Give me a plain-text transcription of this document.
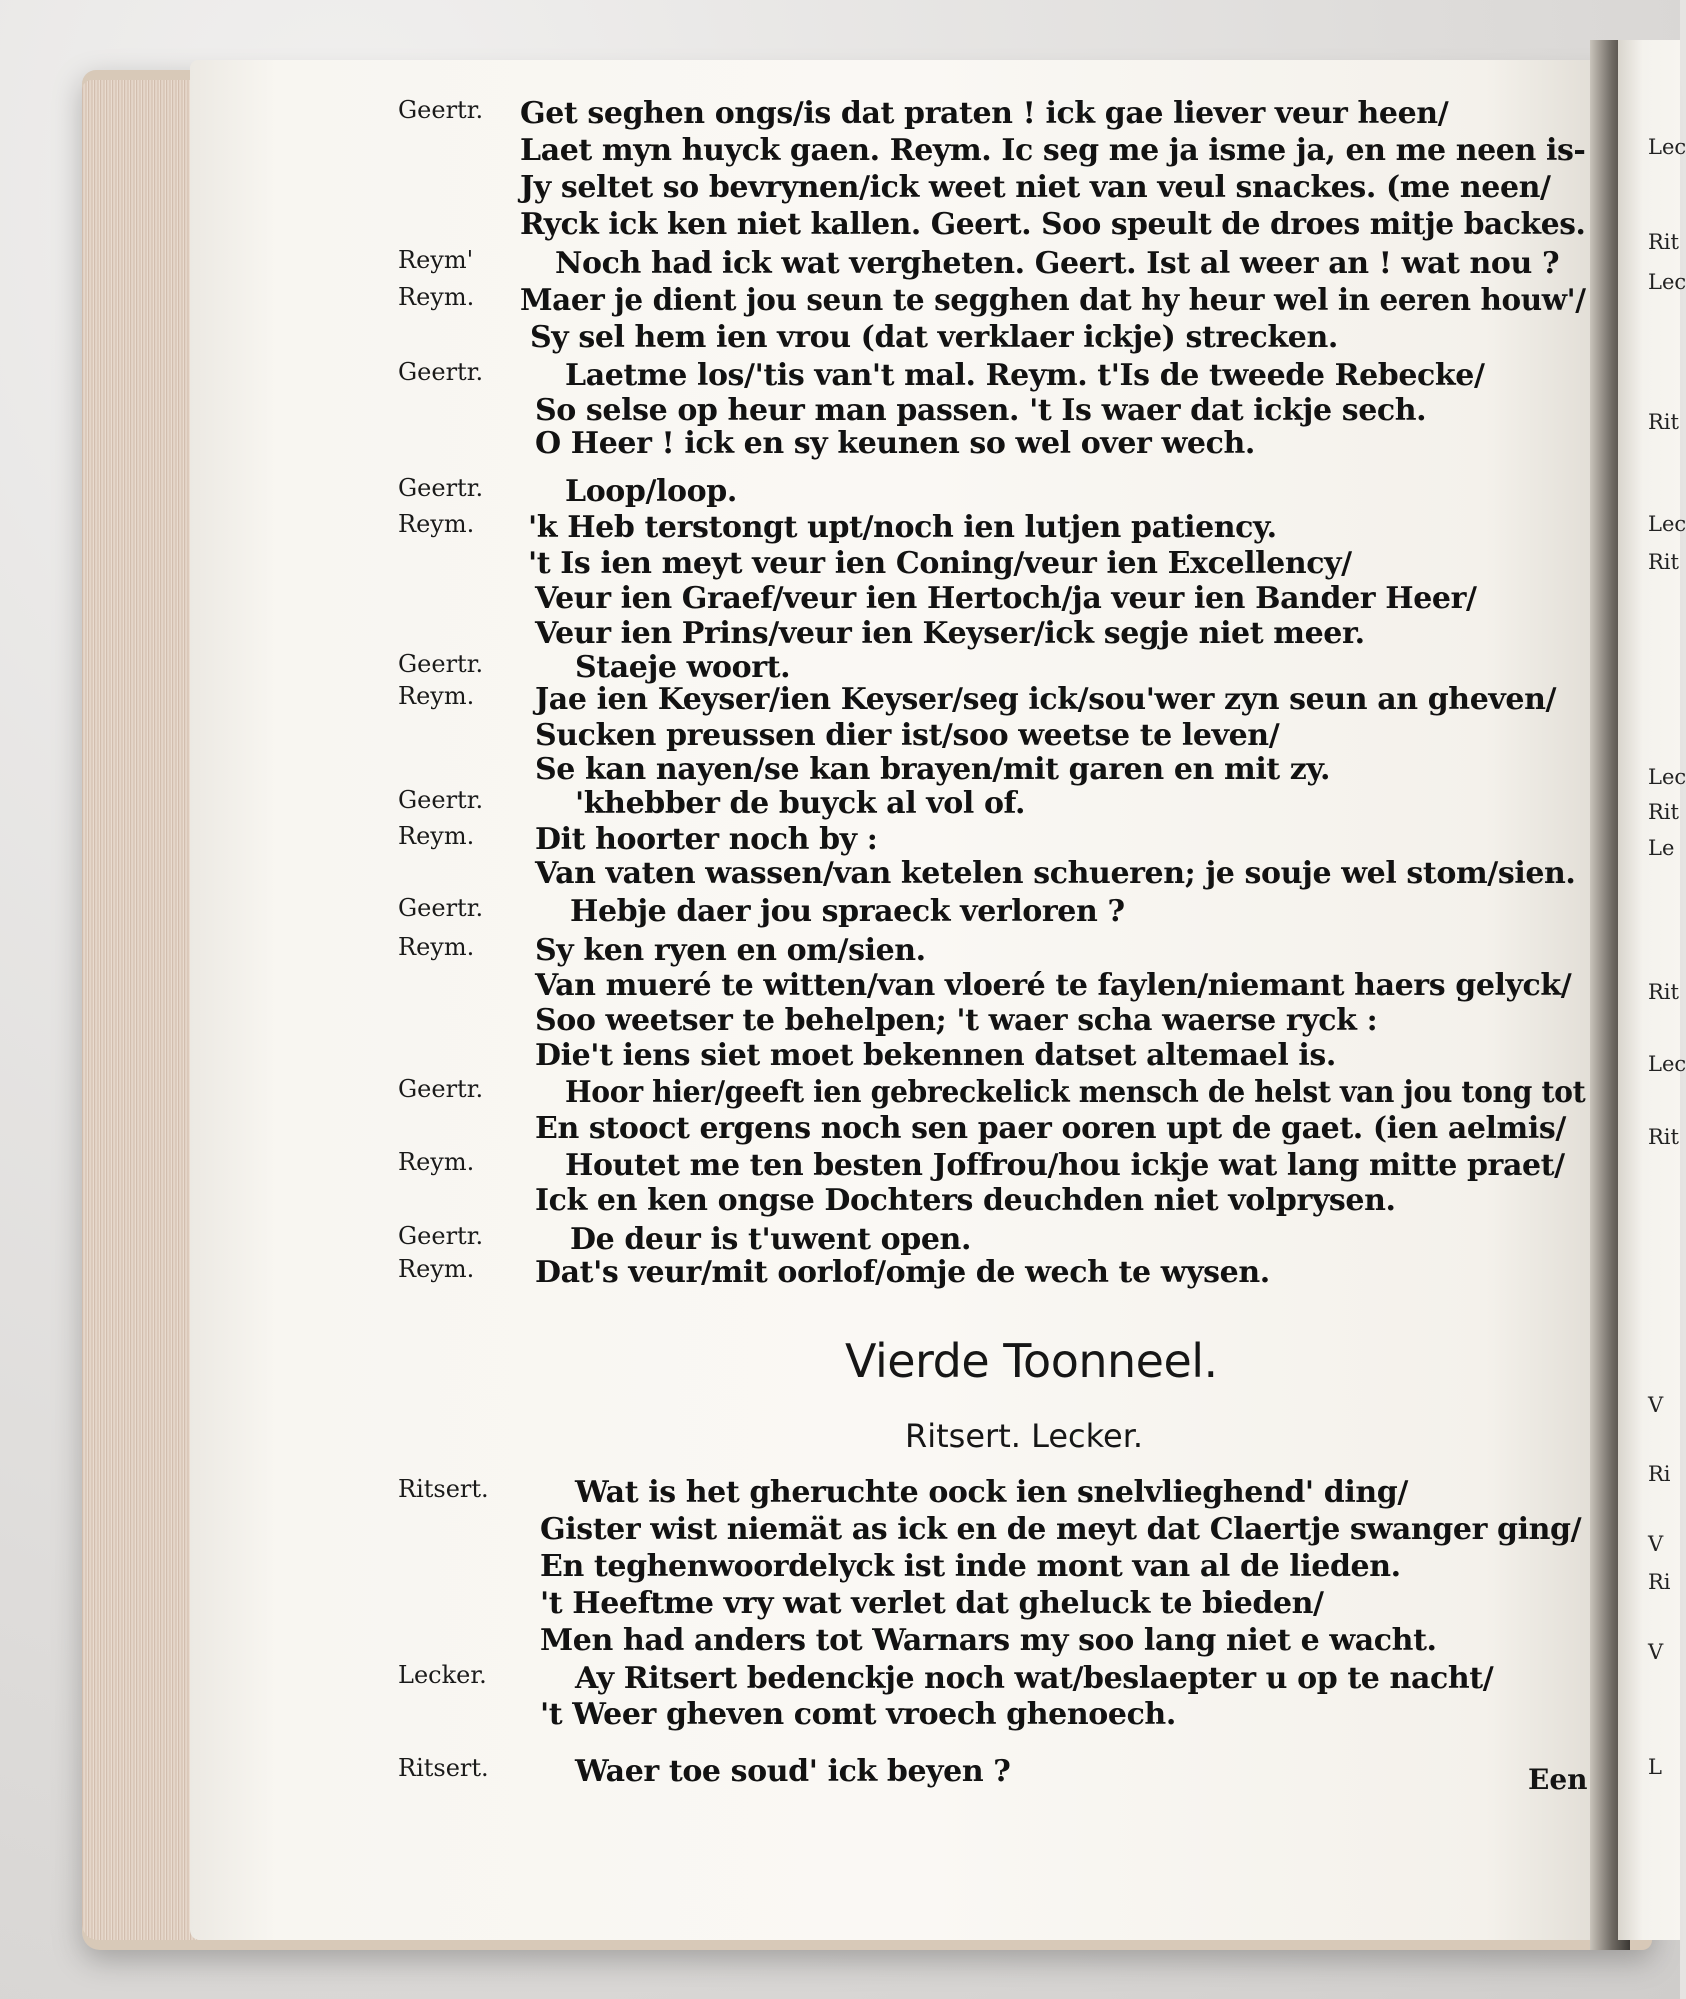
Geertr. Get seghen ongs/is dat praten ! ick gae liever veur heen/
Laet myn huyck gaen. Reym. Ic seg me ja isme ja, en me neen is-
Jy seltet so bevrynen/ick weet niet van veul snackes. (me neen/
Ryck ick ken niet kallen. Geert. Soo speult de droes mitje backes.
Reym'	Noch had ick wat vergheten. Geert. Ist al weer an ! wat nou ?
Reym. Maer je dient jou seun te segghen dat hy heur wel in eeren houw'/
Sy sel hem ien vrou (dat verklaer ickje) strecken.
Geertr.	Laetme los/'tis van't mal. Reym. t'Is de tweede Rebecke/
So selse op heur man passen. 't Is waer dat ickje sech.
O Heer ! ick en sy keunen so wel over wech.
Geertr.	Loop/loop.
Reym. 'k Heb terstongt upt/noch ien lutjen patiency.
't Is ien meyt veur ien Coning/veur ien Excellency/
Veur ien Graef/veur ien Hertoch/ja veur ien Bander Heer/
Veur ien Prins/veur ien Keyser/ick segje niet meer.
Geertr.	Staeje woort.
Reym. Jae ien Keyser/ien Keyser/seg ick/sou'wer zyn seun an gheven/
Sucken preussen dier ist/soo weetse te leven/
Se kan nayen/se kan brayen/mit garen en mit zy.
Geertr.	'khebber de buyck al vol of.
Reym. Dit hoorter noch by :
Van vaten wassen/van ketelen schueren; je souje wel stom/sien.
Geertr.	Hebje daer jou spraeck verloren ?
Reym. Sy ken ryen en om/sien.
Van mueré te witten/van vloeré te faylen/niemant haers gelyck/
Soo weetser te behelpen; 't waer scha waerse ryck :
Die't iens siet moet bekennen datset altemael is.
Geertr.	Hoor hier/geeft ien gebreckelick mensch de helst van jou tong tot
En stooct ergens noch sen paer ooren upt de gaet. (ien aelmis/
Reym.	Houtet me ten besten Joffrou/hou ickje wat lang mitte praet/
Ick en ken ongse Dochters deuchden niet volprysen.
Geertr.	De deur is t'uwent open.
Reym. Dat's veur/mit oorlof/omje de wech te wysen.
Vierde Toonneel.
Ritsert. Lecker.
Ritsert.	Wat is het gheruchte oock ien snelvlieghend' ding/
Gister wist niemät as ick en de meyt dat Claertje swanger ging/
En teghenwoordelyck ist inde mont van al de lieden.
't Heeftme vry wat verlet dat gheluck te bieden/
Men had anders tot Warnars my soo lang niet e wacht.
Lecker.	Ay Ritsert bedenckje noch wat/beslaepter u op te nacht/
't Weer gheven comt vroech ghenoech.
Ritsert.	Waer toe soud' ick beyen ?	Een
Lec
Rit
Lec
Rit
Lec
Rit
Lec
Rit
Le
Rit
Lec
Rit
V
Ri
V
Ri
V
L
